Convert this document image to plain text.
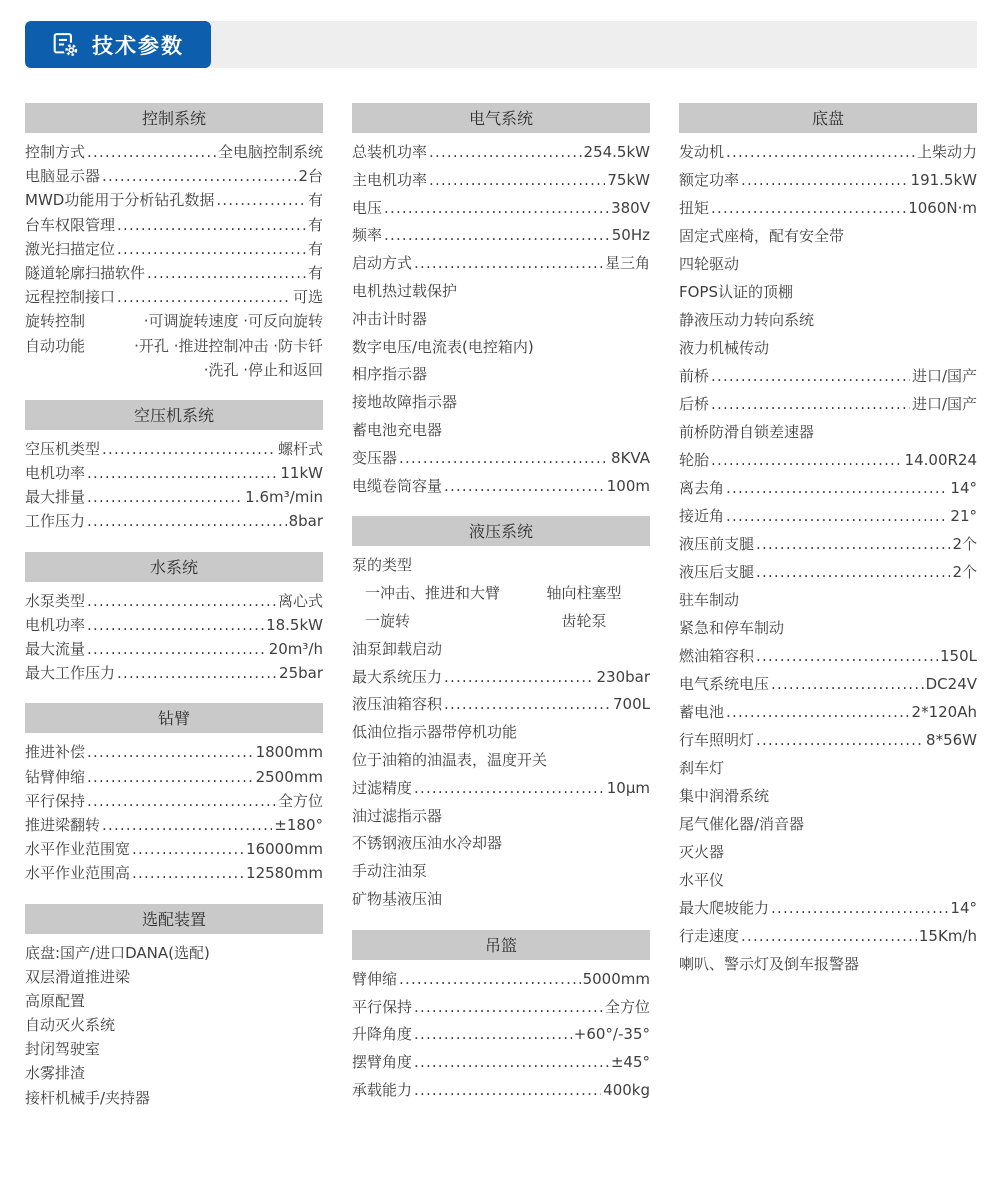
技术参数
控制系统
控制方式 .....	全电脑控制系统
电脑显示器 .....	2台
MWD功能用于分析钻孔数据 .....	有
台车权限管理 .....	有
激光扫描定位 .....	有
隧道轮廓扫描软件 .....	有
远程控制接口 .....	可选
旋转控制	·可调旋转速度 ·可反向旋转
自动功能	·开孔 ·推进控制冲击 ·防卡钎
·洗孔 ·停止和返回
空压机系统
空压机类型 .....	螺杆式
电机功率 .....	11kW
最大排量 .....	1.6m³/min
工作压力 .....	8bar
水系统
水泵类型 .....	离心式
电机功率 .....	18.5kW
最大流量 .....	20m³/h
最大工作压力 .....	25bar
钻臂
推进补偿 .....	1800mm
钻臂伸缩 .....	2500mm
平行保持 .....	全方位
推进梁翻转 .....	±180°
水平作业范围宽 .....	16000mm
水平作业范围高 .....	12580mm
选配装置
底盘:国产/进口DANA(选配)
双层滑道推进梁
高原配置
自动灭火系统
封闭驾驶室
水雾排渣
接杆机械手/夹持器
电气系统
总装机功率 .....	254.5kW
主电机功率 .....	75kW
电压 .....	380V
频率 .....	50Hz
启动方式 .....	星三角
电机热过载保护
冲击计时器
数字电压/电流表(电控箱内)
相序指示器
接地故障指示器
蓄电池充电器
变压器 .....	8KVA
电缆卷筒容量 .....	100m
液压系统
泵的类型
一冲击、推进和大臂	轴向柱塞型
一旋转	齿轮泵
油泵卸载启动
最大系统压力 .....	230bar
液压油箱容积 .....	700L
低油位指示器带停机功能
位于油箱的油温表，温度开关
过滤精度 .....	10μm
油过滤指示器
不锈钢液压油水冷却器
手动注油泵
矿物基液压油
吊篮
臂伸缩 .....	5000mm
平行保持 .....	全方位
升降角度 .....	+60°/-35°
摆臂角度 .....	±45°
承载能力 .....	400kg
底盘
发动机 .....	上柴动力
额定功率 .....	191.5kW
扭矩 .....	1060N·m
固定式座椅，配有安全带
四轮驱动
FOPS认证的顶棚
静液压动力转向系统
液力机械传动
前桥 .....	进口/国产
后桥 .....	进口/国产
前桥防滑自锁差速器
轮胎 .....	14.00R24
离去角 .....	14°
接近角 .....	21°
液压前支腿 .....	2个
液压后支腿 .....	2个
驻车制动
紧急和停车制动
燃油箱容积 .....	150L
电气系统电压 .....	DC24V
蓄电池 .....	2*120Ah
行车照明灯 .....	8*56W
刹车灯
集中润滑系统
尾气催化器/消音器
灭火器
水平仪
最大爬坡能力 .....	14°
行走速度 .....	15Km/h
喇叭、警示灯及倒车报警器
